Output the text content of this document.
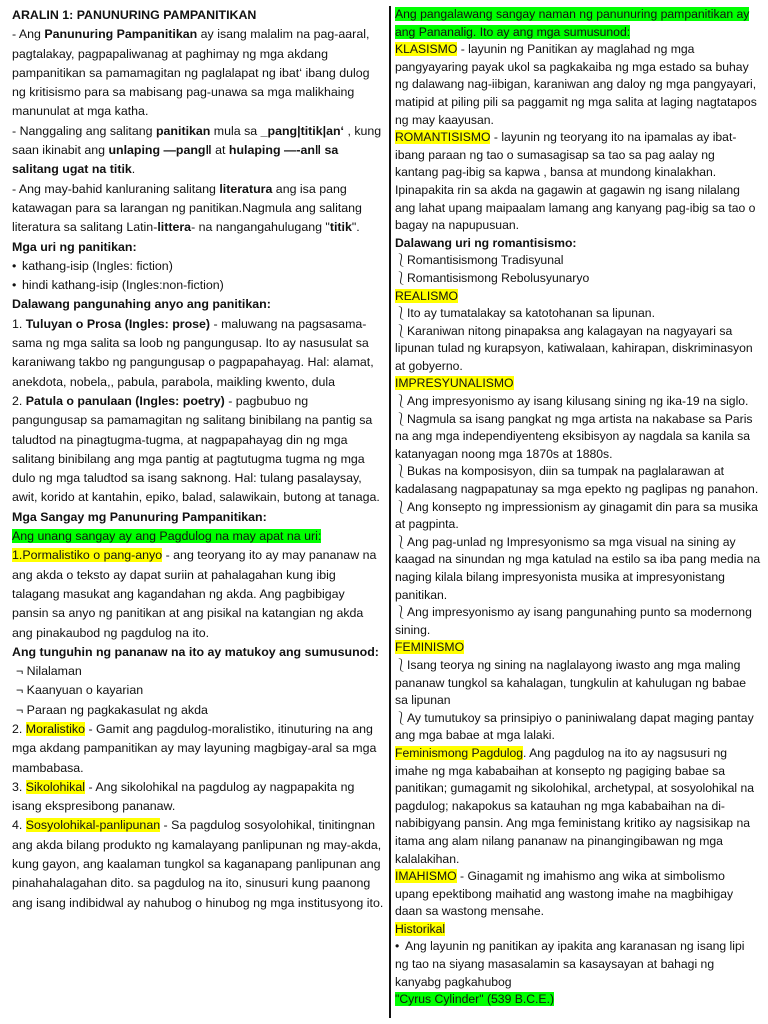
ARALIN 1: PANUNURING PAMPANITIKAN

- Ang Panunuring Pampanitikan ay isang malalim na pag-aaral, pagtalakay, pagpapaliwanag at paghimay ng mga akdang pampanitikan sa pamamagitan ng paglalapat ng ibat‘ ibang dulog ng kritisismo para sa mabisang pag-unawa sa mga malikhaing manunulat at mga katha.

- Nanggaling ang salitang panitikan mula sa _pang|titik|an‘ , kung saan ikinabit ang unlaping ―pang‖ at hulaping ―-an‖ sa salitang ugat na titik.

- Ang may-bahid kanluraning salitang literatura ang isa pang katawagan para sa larangan ng panitikan.Nagmula ang salitang literatura sa salitang Latin-littera- na nangangahulugang "titik".

Mga uri ng panitikan:

• kathang-isip (Ingles: fiction)

• hindi kathang-isip (Ingles:non-fiction)

Dalawang pangunahing anyo ang panitikan:

1. Tuluyan o Prosa (Ingles: prose) - maluwang na pagsasama-sama ng mga salita sa loob ng pangungusap. Ito ay nasusulat sa karaniwang takbo ng pangungusap o pagpapahayag. Hal: alamat, anekdota, nobela,, pabula, parabola, maikling kwento, dula

2. Patula o panulaan (Ingles: poetry) - pagbubuo ng pangungusap sa pamamagitan ng salitang binibilang na pantig sa taludtod na pinagtugma-tugma, at nagpapahayag din ng mga salitang binibilang ang mga pantig at pagtutugma tugma ng mga dulo ng mga taludtod sa isang saknong. Hal: tulang pasalaysay, awit, korido at kantahin, epiko, balad, salawikain, butong at tanaga.

Mga Sangay mg Panunuring Pampanitikan:

Ang unang sangay ay ang Pagdulog na may apat na uri:

1.Pormalistiko o pang-anyo - ang teoryang ito ay may pananaw na ang akda o teksto ay dapat suriin at pahalagahan kung ibig talagang masukat ang kagandahan ng akda. Ang pagbibigay pansin sa anyo ng panitikan at ang pisikal na katangian ng akda ang pinakaubod ng pagdulog na ito.

Ang tunguhin ng pananaw na ito ay matukoy ang sumusunod:

¬ Nilalaman

¬ Kaanyuan o kayarian

¬ Paraan ng pagkakasulat ng akda

2. Moralistiko - Gamit ang pagdulog-moralistiko, itinuturing na ang mga akdang pampanitikan ay may layuning magbigay-aral sa mga mambabasa.

3. Sikolohikal - Ang sikolohikal na pagdulog ay nagpapakita ng isang ekspresibong pananaw.

4. Sosyolohikal-panlipunan - Sa pagdulog sosyolohikal, tinitingnan ang akda bilang produkto ng kamalayang panlipunan ng may-akda, kung gayon, ang kaalaman tungkol sa kaganapang panlipunan ang pinahahalagahan dito. sa pagdulog na ito, sinusuri kung paanong ang isang indibidwal ay nahubog o hinubog ng mga institusyong ito.

Ang pangalawang sangay naman ng panunuring pampanitikan ay ang Pananalig. Ito ay ang mga sumusunod:

KLASISMO - layunin ng Panitikan ay maglahad ng mga pangyayaring payak ukol sa pagkakaiba ng mga estado sa buhay ng dalawang nag-iibigan, karaniwan ang daloy ng mga pangyayari, matipid at piling pili sa paggamit ng mga salita at laging nagtatapos ng may kaayusan.

ROMANTISISMO - layunin ng teoryang ito na ipamalas ay ibat-ibang paraan ng tao o sumasagisap sa tao sa pag aalay ng kantang pag-ibig sa kapwa , bansa at mundong kinalakhan. Ipinapakita rin sa akda na gagawin at gagawin ng isang nilalang ang lahat upang maipaalam lamang ang kanyang pag-ibig sa tao o bagay na napupusuan.

Dalawang uri ng romantisismo:

⎱Romantisismong Tradisyunal

⎱Romantisismong Rebolusyunaryo

REALISMO

⎱Ito ay tumatalakay sa katotohanan sa lipunan.

⎱Karaniwan nitong pinapaksa ang kalagayan na nagyayari sa lipunan tulad ng kurapsyon, katiwalaan, kahirapan, diskriminasyon at gobyerno.

IMPRESYUNALISMO

⎱Ang impresyonismo ay isang kilusang sining ng ika-19 na siglo.

⎱Nagmula sa isang pangkat ng mga artista na nakabase sa Paris na ang mga independiyenteng eksibisyon ay nagdala sa kanila sa katanyagan noong mga 1870s at 1880s.

⎱Bukas na komposisyon, diin sa tumpak na paglalarawan at kadalasang nagpapatunay sa mga epekto ng paglipas ng panahon.

⎱Ang konsepto ng impressionism ay ginagamit din para sa musika at pagpinta.

⎱Ang pag-unlad ng Impresyonismo sa mga visual na sining ay kaagad na sinundan ng mga katulad na estilo sa iba pang media na naging kilala bilang impresyonista musika at impresyonistang panitikan.

⎱Ang impresyonismo ay isang pangunahing punto sa modernong sining.

FEMINISMO

⎱Isang teorya ng sining na naglalayong iwasto ang mga maling pananaw tungkol sa kahalagan, tungkulin at kahulugan ng babae sa lipunan

⎱Ay tumutukoy sa prinsipiyo o paniniwalang dapat maging pantay ang mga babae at mga lalaki.

Feminismong Pagdulog. Ang pagdulog na ito ay nagsusuri ng imahe ng mga kababaihan at konsepto ng pagiging babae sa panitikan; gumagamit ng sikolohikal, archetypal, at sosyolohikal na pagdulog; nakapokus sa katauhan ng mga kababaihan na di-nabibigyang pansin. Ang mga feministang kritiko ay nagsisikap na itama ang alam nilang pananaw na pinangingibawan ng mga kalalakihan.

IMAHISMO - Ginagamit ng imahismo ang wika at simbolismo upang epektibong maihatid ang wastong imahe na magbihigay daan sa wastong mensahe.

Historikal

• Ang layunin ng panitikan ay ipakita ang karanasan ng isang lipi ng tao na siyang masasalamin sa kasaysayan at bahagi ng kanyabg pagkahubog

"Cyrus Cylinder" (539 B.C.E.)
